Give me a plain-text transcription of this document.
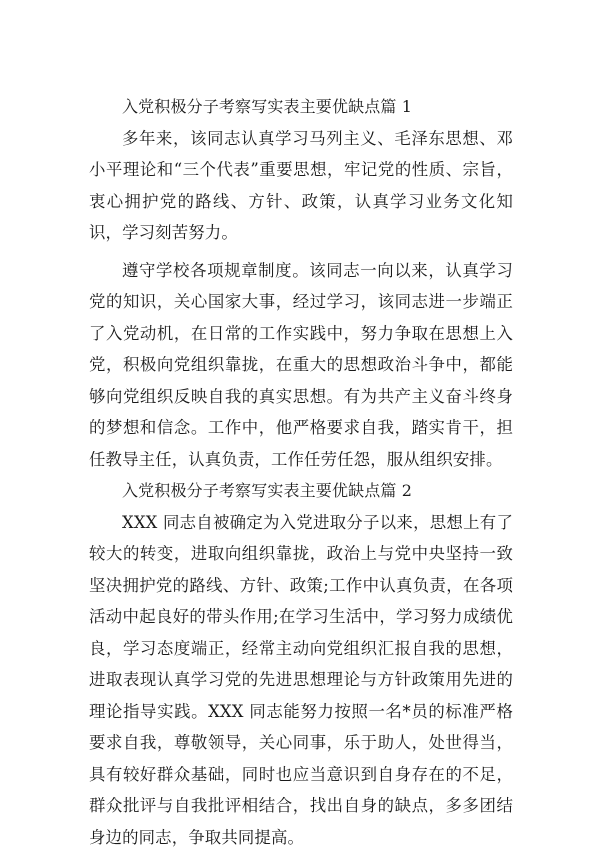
入党积极分子考察写实表主要优缺点篇 1

多年来，该同志认真学习马列主义、毛泽东思想、邓小平理论和“三个代表”重要思想，牢记党的性质、宗旨，衷心拥护党的路线、方针、政策，认真学习业务文化知识，学习刻苦努力。

遵守学校各项规章制度。该同志一向以来，认真学习党的知识，关心国家大事，经过学习，该同志进一步端正了入党动机，在日常的工作实践中，努力争取在思想上入党，积极向党组织靠拢，在重大的思想政治斗争中，都能够向党组织反映自我的真实思想。有为共产主义奋斗终身的梦想和信念。工作中，他严格要求自我，踏实肯干，担任教导主任，认真负责，工作任劳任怨，服从组织安排。

入党积极分子考察写实表主要优缺点篇 2

XXX 同志自被确定为入党进取分子以来，思想上有了较大的转变，进取向组织靠拢，政治上与党中央坚持一致坚决拥护党的路线、方针、政策;工作中认真负责，在各项活动中起良好的带头作用;在学习生活中，学习努力成绩优良，学习态度端正，经常主动向党组织汇报自我的思想，进取表现认真学习党的先进思想理论与方针政策用先进的理论指导实践。XXX 同志能努力按照一名*员的标准严格要求自我，尊敬领导，关心同事，乐于助人，处世得当，具有较好群众基础，同时也应当意识到自身存在的不足，群众批评与自我批评相结合，找出自身的缺点，多多团结身边的同志，争取共同提高。
